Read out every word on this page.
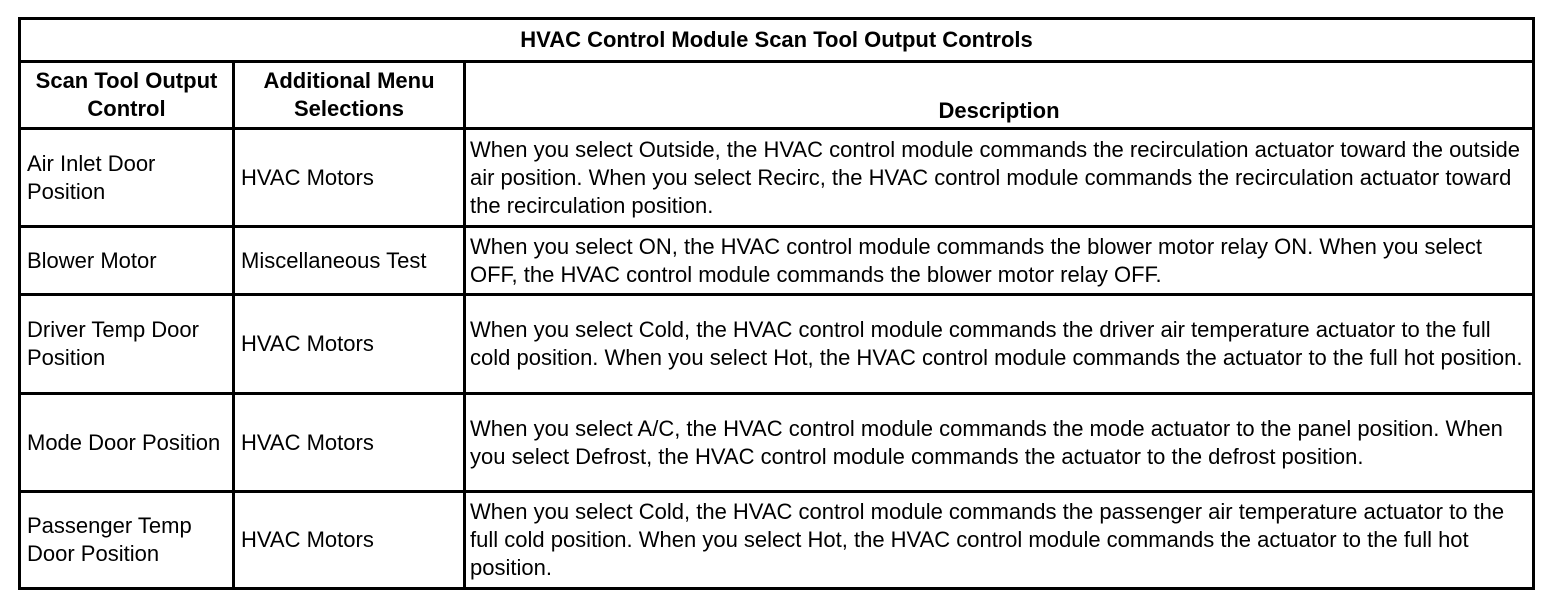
HVAC Control Module Scan Tool Output Controls		
Scan Tool Output Control	Additional Menu Selections	Description
Air Inlet Door Position	HVAC Motors	When you select Outside, the HVAC control module commands the recirculation actuator toward the outside air position. When you select Recirc, the HVAC control module commands the recirculation actuator toward the recirculation position.
Blower Motor	Miscellaneous Test	When you select ON, the HVAC control module commands the blower motor relay ON. When you select OFF, the HVAC control module commands the blower motor relay OFF.
Driver Temp Door Position	HVAC Motors	When you select Cold, the HVAC control module commands the driver air temperature actuator to the full cold position. When you select Hot, the HVAC control module commands the actuator to the full hot position.
Mode Door Position	HVAC Motors	When you select A/C, the HVAC control module commands the mode actuator to the panel position. When you select Defrost, the HVAC control module commands the actuator to the defrost position.
Passenger Temp Door Position	HVAC Motors	When you select Cold, the HVAC control module commands the passenger air temperature actuator to the full cold position. When you select Hot, the HVAC control module commands the actuator to the full hot position.
